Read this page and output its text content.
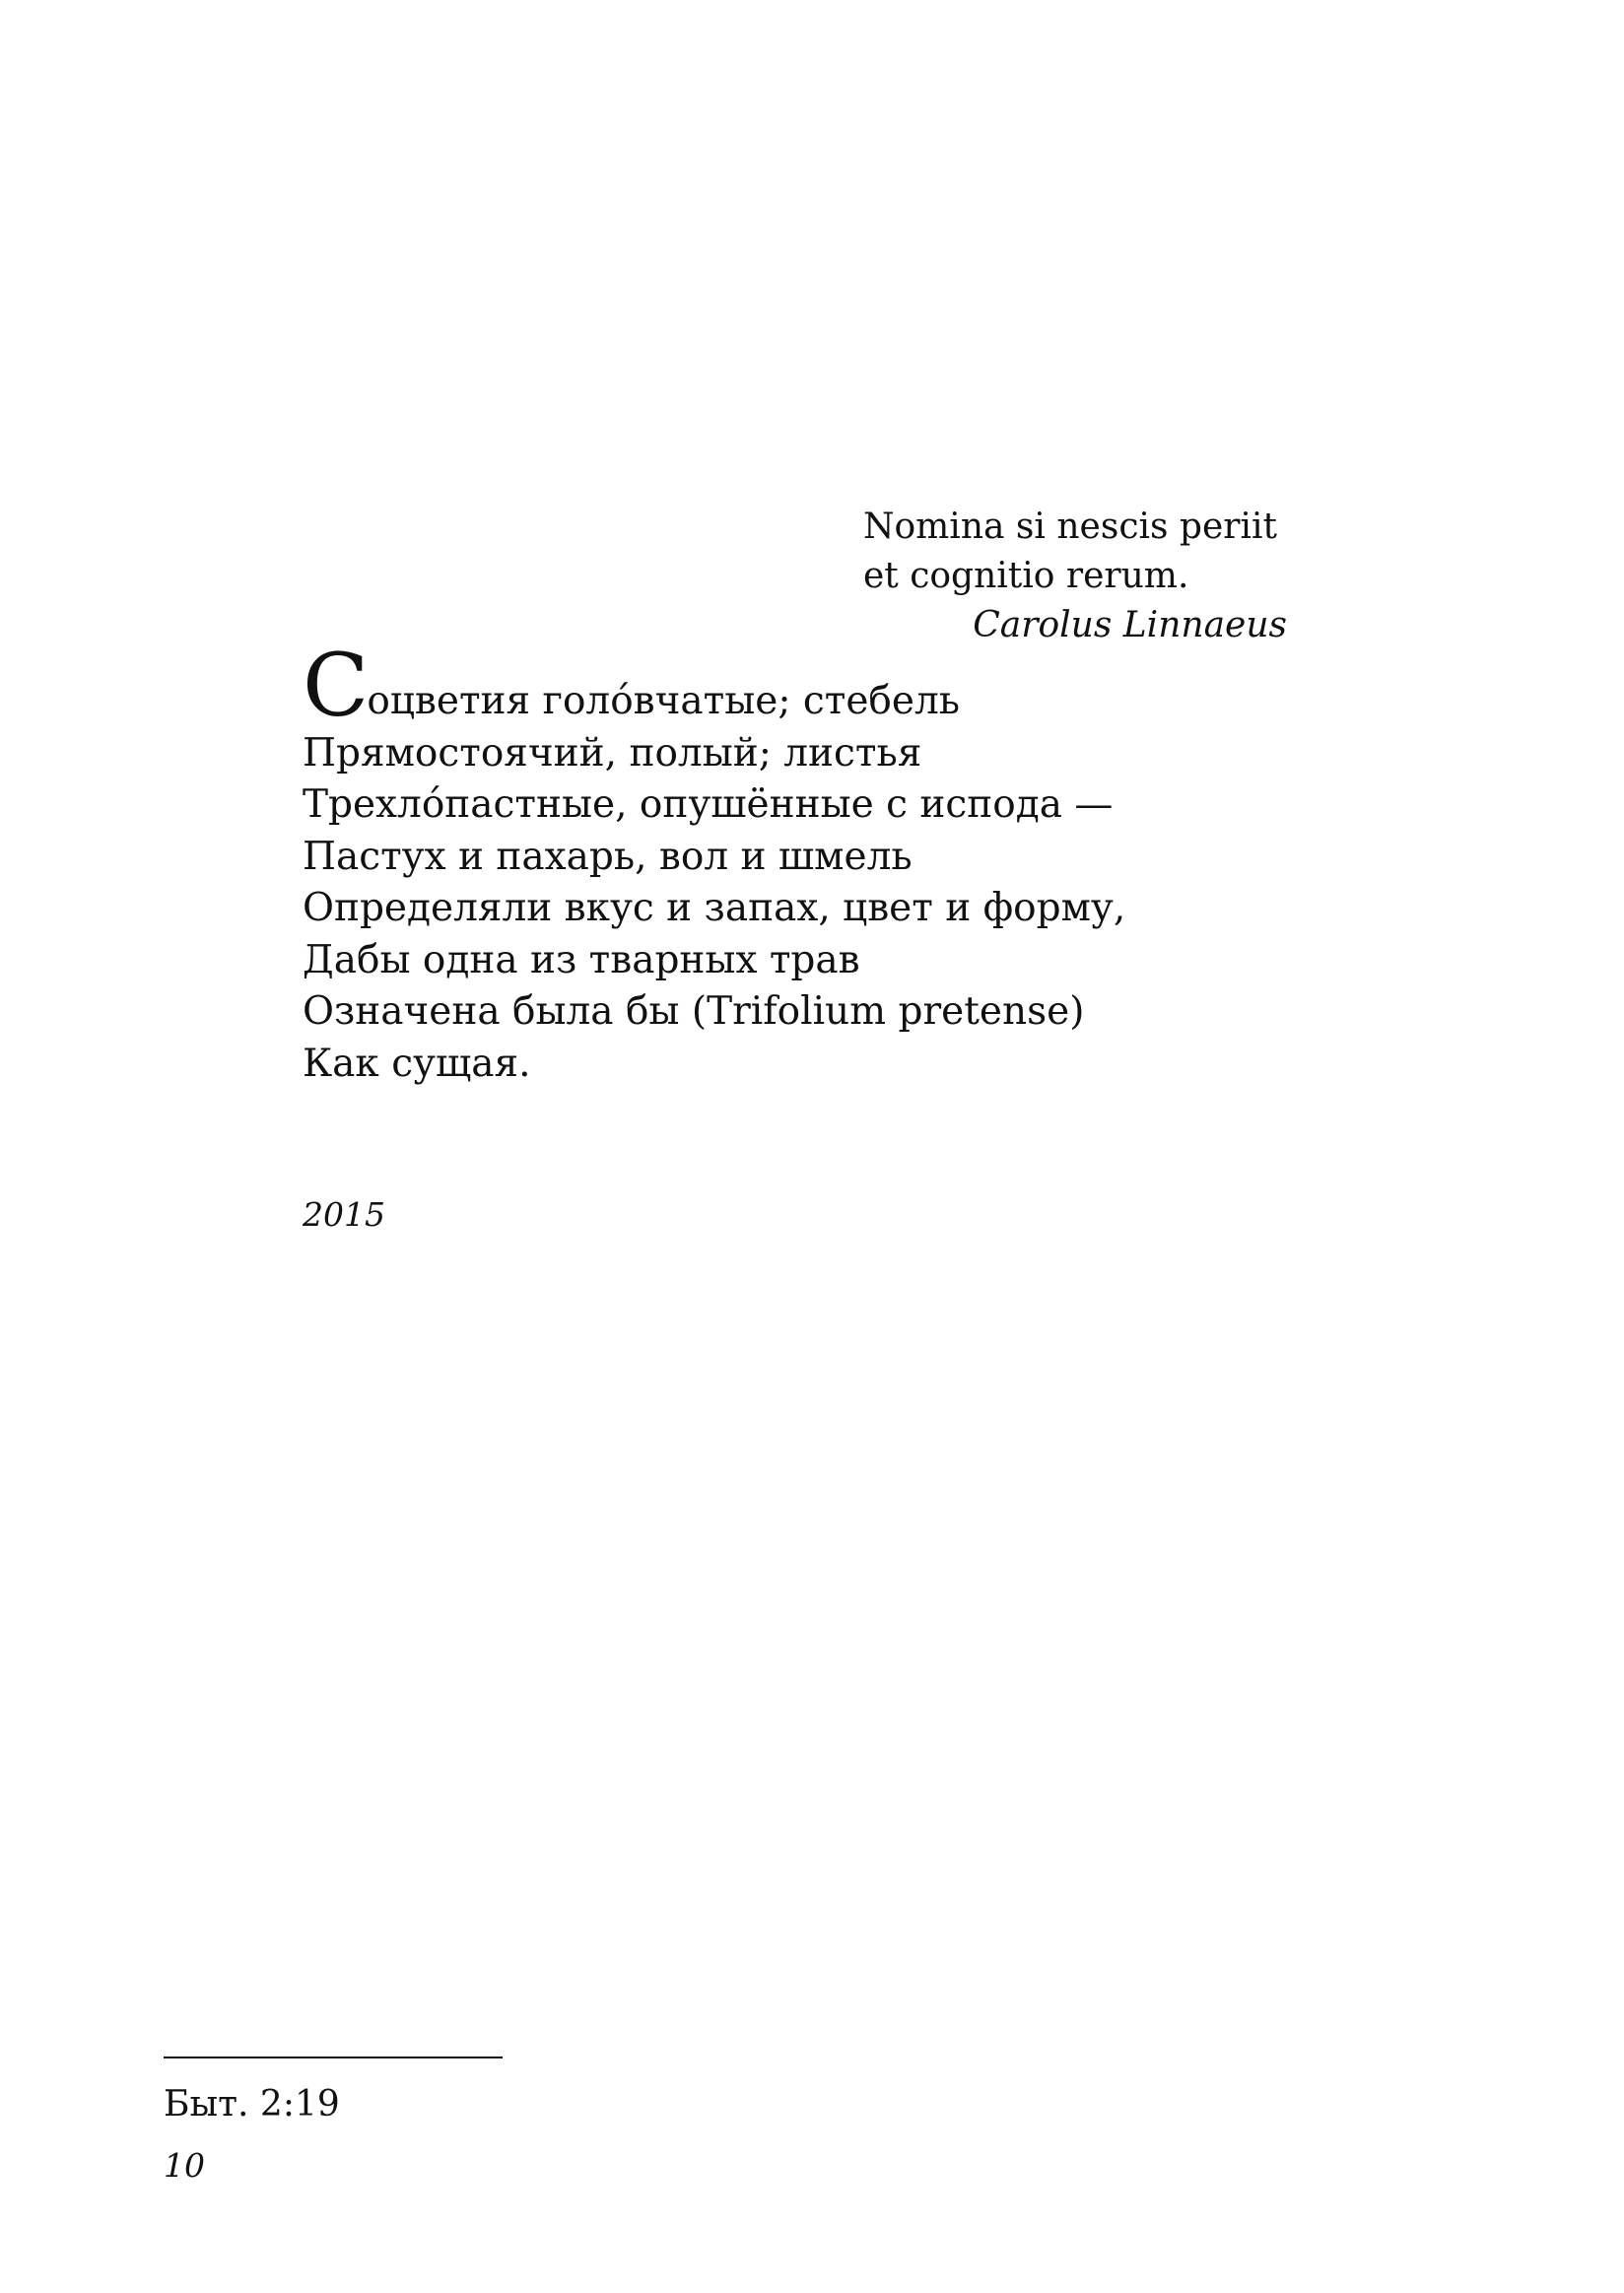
Nomina si nescis periit
et cognitio rerum.
Carolus Linnaeus
Соцветия голо́вчатые; стебель
Прямостоячий, полый; листья
Трехло́пастные, опушённые с испода —
Пастух и пахарь, вол и шмель
Определяли вкус и запах, цвет и форму,
Дабы одна из тварных трав
Означена была бы (Trifolium pretense)
Как сущая.
2015
Быт. 2:19
10
